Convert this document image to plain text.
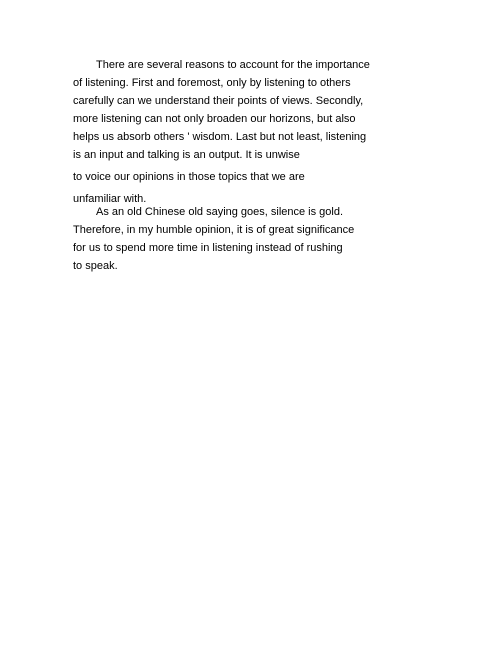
There are several reasons to account for the importance
of listening. First and foremost, only by listening to others
carefully can we understand their points of views. Secondly,
more listening can not only broaden our horizons, but also
helps us absorb others ' wisdom. Last but not least, listening
is an input and talking is an output. It is unwise
to voice our opinions in those topics that we are
unfamiliar with.
As an old Chinese old saying goes, silence is gold.
Therefore, in my humble opinion, it is of great significance
for us to spend more time in listening instead of rushing
to speak.
